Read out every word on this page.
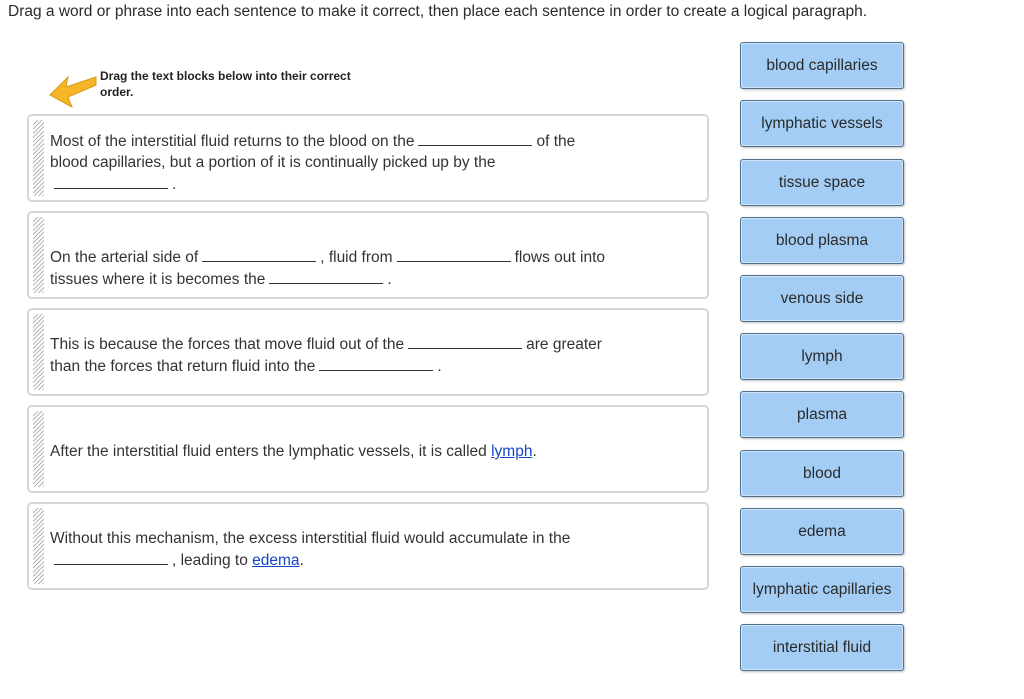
Drag a word or phrase into each sentence to make it correct, then place each sentence in order to create a logical paragraph.
Drag the text blocks below into their correct order.
Most of the interstitial fluid returns to the blood on the	of the blood capillaries, but a portion of it is continually picked up by the
.
On the arterial side of	, fluid from	flows out into tissues where it is becomes the	.
This is because the forces that move fluid out of the	are greater than the forces that return fluid into the	.
After the interstitial fluid enters the lymphatic vessels, it is called lymph.
Without this mechanism, the excess interstitial fluid would accumulate in the, leading to edema.
blood capillaries
lymphatic vessels
tissue space
blood plasma
venous side
lymph
plasma
blood
edema
lymphatic capillaries
interstitial fluid
